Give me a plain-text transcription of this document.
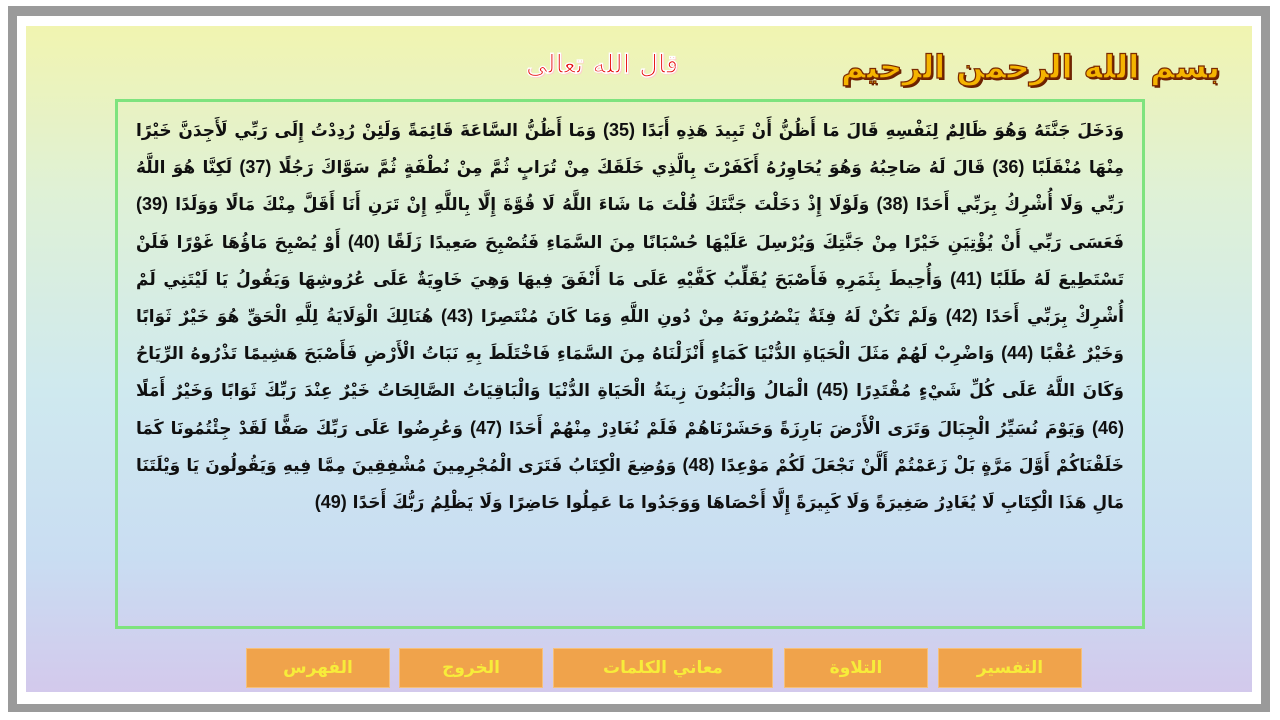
بسم الله الرحمن الرحيم
قال الله تعالى

وَدَخَلَ جَنَّتَهُ وَهُوَ ظَالِمٌ لِنَفْسِهِ قَالَ مَا أَظُنُّ أَنْ تَبِيدَ هَذِهِ أَبَدًا (35) وَمَا أَظُنُّ السَّاعَةَ قَائِمَةً وَلَئِنْ رُدِدْتُ إِلَى رَبِّي لَأَجِدَنَّ خَيْرًا مِنْهَا مُنْقَلَبًا (36) قَالَ لَهُ صَاحِبُهُ وَهُوَ يُحَاوِرُهُ أَكَفَرْتَ بِالَّذِي خَلَقَكَ مِنْ تُرَابٍ ثُمَّ مِنْ نُطْفَةٍ ثُمَّ سَوَّاكَ رَجُلًا (37) لَكِنَّا هُوَ اللَّهُ رَبِّي وَلَا أُشْرِكُ بِرَبِّي أَحَدًا (38) وَلَوْلَا إِذْ دَخَلْتَ جَنَّتَكَ قُلْتَ مَا شَاءَ اللَّهُ لَا قُوَّةَ إِلَّا بِاللَّهِ إِنْ تَرَنِ أَنَا أَقَلَّ مِنْكَ مَالًا وَوَلَدًا (39) فَعَسَى رَبِّي أَنْ يُؤْتِيَنِ خَيْرًا مِنْ جَنَّتِكَ وَيُرْسِلَ عَلَيْهَا حُسْبَانًا مِنَ السَّمَاءِ فَتُصْبِحَ صَعِيدًا زَلَقًا (40) أَوْ يُصْبِحَ مَاؤُهَا غَوْرًا فَلَنْ تَسْتَطِيعَ لَهُ طَلَبًا (41) وَأُحِيطَ بِثَمَرِهِ فَأَصْبَحَ يُقَلِّبُ كَفَّيْهِ عَلَى مَا أَنْفَقَ فِيهَا وَهِيَ خَاوِيَةٌ عَلَى عُرُوشِهَا وَيَقُولُ يَا لَيْتَنِي لَمْ أُشْرِكْ بِرَبِّي أَحَدًا (42) وَلَمْ تَكُنْ لَهُ فِئَةٌ يَنْصُرُونَهُ مِنْ دُونِ اللَّهِ وَمَا كَانَ مُنْتَصِرًا (43) هُنَالِكَ الْوَلَايَةُ لِلَّهِ الْحَقِّ هُوَ خَيْرٌ ثَوَابًا وَخَيْرٌ عُقْبًا (44) وَاضْرِبْ لَهُمْ مَثَلَ الْحَيَاةِ الدُّنْيَا كَمَاءٍ أَنْزَلْنَاهُ مِنَ السَّمَاءِ فَاخْتَلَطَ بِهِ نَبَاتُ الْأَرْضِ فَأَصْبَحَ هَشِيمًا تَذْرُوهُ الرِّيَاحُ وَكَانَ اللَّهُ عَلَى كُلِّ شَيْءٍ مُقْتَدِرًا (45) الْمَالُ وَالْبَنُونَ زِينَةُ الْحَيَاةِ الدُّنْيَا وَالْبَاقِيَاتُ الصَّالِحَاتُ خَيْرٌ عِنْدَ رَبِّكَ ثَوَابًا وَخَيْرٌ أَمَلًا (46) وَيَوْمَ نُسَيِّرُ الْجِبَالَ وَتَرَى الْأَرْضَ بَارِزَةً وَحَشَرْنَاهُمْ فَلَمْ نُغَادِرْ مِنْهُمْ أَحَدًا (47) وَعُرِضُوا عَلَى رَبِّكَ صَفًّا لَقَدْ جِئْتُمُونَا كَمَا خَلَقْنَاكُمْ أَوَّلَ مَرَّةٍ بَلْ زَعَمْتُمْ أَلَّنْ نَجْعَلَ لَكُمْ مَوْعِدًا (48) وَوُضِعَ الْكِتَابُ فَتَرَى الْمُجْرِمِينَ مُشْفِقِينَ مِمَّا فِيهِ وَيَقُولُونَ يَا وَيْلَتَنَا مَالِ هَذَا الْكِتَابِ لَا يُغَادِرُ صَغِيرَةً وَلَا كَبِيرَةً إِلَّا أَحْصَاهَا وَوَجَدُوا مَا عَمِلُوا حَاضِرًا وَلَا يَظْلِمُ رَبُّكَ أَحَدًا (49)

التفسير
التلاوة
معاني الكلمات
الخروج
الفهرس
